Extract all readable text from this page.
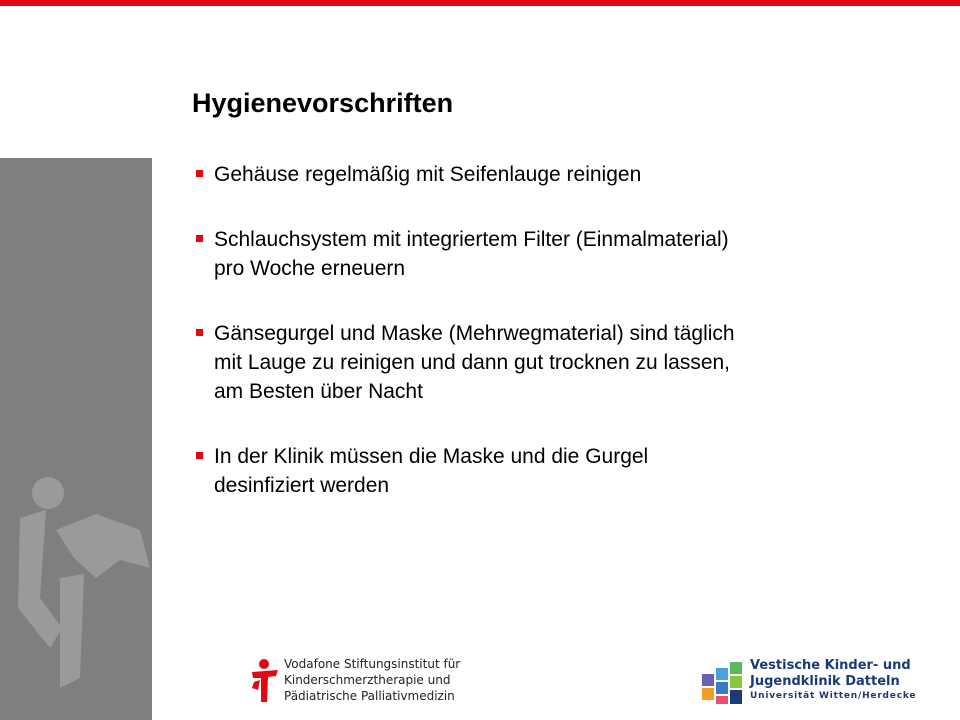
Hygienevorschriften
Gehäuse regelmäßig mit Seifenlauge reinigen
Schlauchsystem mit integriertem Filter (Einmalmaterial)
pro Woche erneuern
Gänsegurgel und Maske (Mehrwegmaterial) sind täglich
mit Lauge zu reinigen und dann gut trocknen zu lassen,
am Besten über Nacht
In der Klinik müssen die Maske und die Gurgel
desinfiziert werden
Vodafone Stiftungsinstitut für
Kinderschmerztherapie und
Pädiatrische Palliativmedizin
Vestische Kinder- und
Jugendklinik Datteln
Universität Witten/Herdecke
